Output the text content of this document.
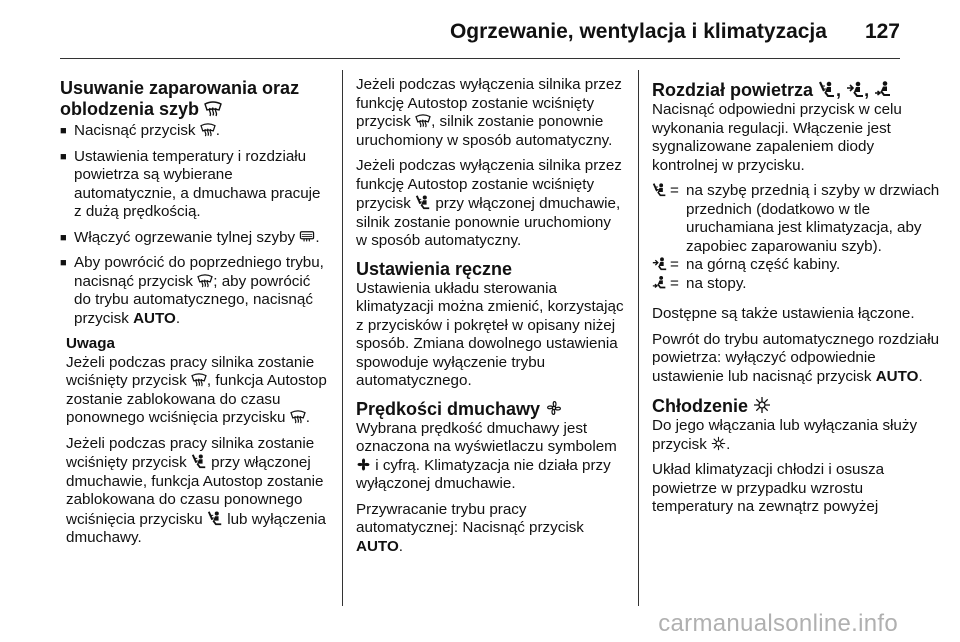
Ogrzewanie, wentylacja i klimatyzacja 127
Usuwanie zaparowania oraz
oblodzenia szyb
■ Nacisnąć przycisk .
■ Ustawienia temperatury i rozdziału powietrza są wybierane automatycznie, a dmuchawa pracuje z dużą prędkością.
■ Włączyć ogrzewanie tylnej szyby .
■ Aby powrócić do poprzedniego trybu, nacisnąć przycisk ; aby powrócić do trybu automatycznego, nacisnąć przycisk AUTO.
Uwaga

Jeżeli podczas pracy silnika zostanie wciśnięty przycisk , funkcja Autostop zostanie zablokowana do czasu ponownego wciśnięcia przycisku .

Jeżeli podczas pracy silnika zostanie wciśnięty przycisk przy włączonej dmuchawie, funkcja Autostop zostanie zablokowana do czasu ponownego wciśnięcia przycisku lub wyłączenia dmuchawy.

Jeżeli podczas wyłączenia silnika przez funkcję Autostop zostanie wciśnięty przycisk , silnik zostanie ponownie uruchomiony w sposób automatyczny.

Jeżeli podczas wyłączenia silnika przez funkcję Autostop zostanie wciśnięty przycisk przy włączonej dmuchawie, silnik zostanie ponownie uruchomiony w sposób automatyczny.

Ustawienia ręczne

Ustawienia układu sterowania klimatyzacji można zmienić, korzystając z przycisków i pokręteł w opisany niżej sposób. Zmiana dowolnego ustawienia spowoduje wyłączenie trybu automatycznego.

Prędkości dmuchawy

Wybrana prędkość dmuchawy jest oznaczona na wyświetlaczu symbolem  i cyfrą. Klimatyzacja nie działa przy wyłączonej dmuchawie.

Przywracanie trybu pracy automatycznej: Nacisnąć przycisk
AUTO.

Rozdział powietrza , ,

Nacisnąć odpowiedni przycisk w celu wykonania regulacji. Włączenie jest sygnalizowane zapaleniem diody kontrolnej w przycisku.

= na szybę przednią i szyby w drzwiach przednich (dodatkowo w tle uruchamiana jest klimatyzacja, aby zapobiec zaparowaniu szyb).
= na górną część kabiny.
= na stopy.

Dostępne są także ustawienia łączone.

Powrót do trybu automatycznego rozdziału powietrza: wyłączyć odpowiednie ustawienie lub nacisnąć przycisk AUTO.

Chłodzenie

Do jego włączania lub wyłączania służy przycisk .

Układ klimatyzacji chłodzi i osusza powietrze w przypadku wzrostu temperatury na zewnątrz powyżej

carmanualsonline.info
